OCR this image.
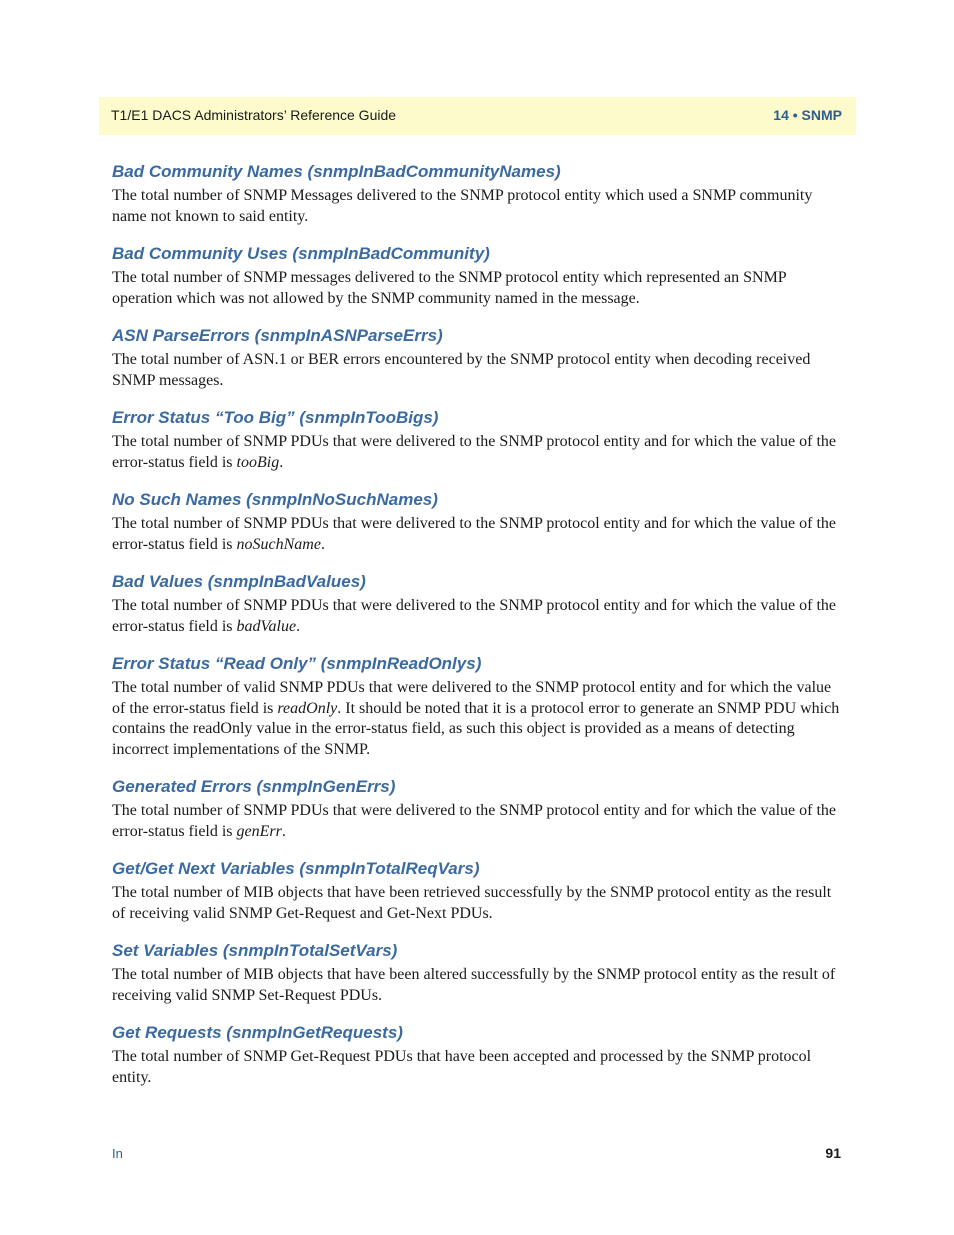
T1/E1 DACS Administrators’ Reference Guide	14 • SNMP
Bad Community Names (snmpInBadCommunityNames)

The total number of SNMP Messages delivered to the SNMP protocol entity which used a SNMP community name not known to said entity.

Bad Community Uses (snmpInBadCommunity)

The total number of SNMP messages delivered to the SNMP protocol entity which represented an SNMP operation which was not allowed by the SNMP community named in the message.

ASN ParseErrors (snmpInASNParseErrs)

The total number of ASN.1 or BER errors encountered by the SNMP protocol entity when decoding received SNMP messages.

Error Status “Too Big” (snmpInTooBigs)

The total number of SNMP PDUs that were delivered to the SNMP protocol entity and for which the value of the error-status field is tooBig.

No Such Names (snmpInNoSuchNames)

The total number of SNMP PDUs that were delivered to the SNMP protocol entity and for which the value of the error-status field is noSuchName.

Bad Values (snmpInBadValues)

The total number of SNMP PDUs that were delivered to the SNMP protocol entity and for which the value of the error-status field is badValue.

Error Status “Read Only” (snmpInReadOnlys)

The total number of valid SNMP PDUs that were delivered to the SNMP protocol entity and for which the value of the error-status field is readOnly. It should be noted that it is a protocol error to generate an SNMP PDU which contains the readOnly value in the error-status field, as such this object is provided as a means of detecting incorrect implementations of the SNMP.

Generated Errors (snmpInGenErrs)

The total number of SNMP PDUs that were delivered to the SNMP protocol entity and for which the value of the error-status field is genErr.

Get/Get Next Variables (snmpInTotalReqVars)

The total number of MIB objects that have been retrieved successfully by the SNMP protocol entity as the result of receiving valid SNMP Get-Request and Get-Next PDUs.

Set Variables (snmpInTotalSetVars)

The total number of MIB objects that have been altered successfully by the SNMP protocol entity as the result of receiving valid SNMP Set-Request PDUs.

Get Requests (snmpInGetRequests)

The total number of SNMP Get-Request PDUs that have been accepted and processed by the SNMP protocol entity.

In	91
